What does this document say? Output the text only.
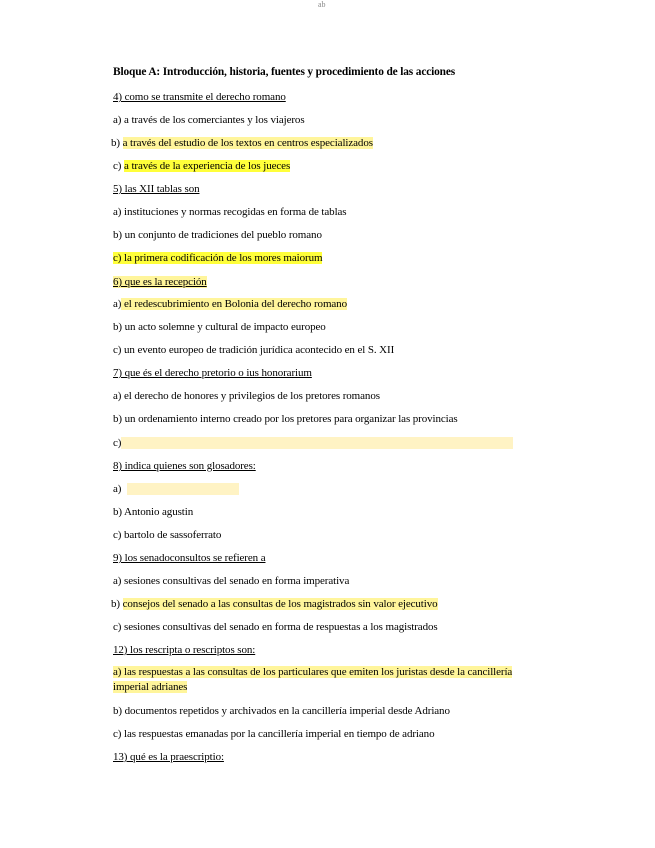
ab
Bloque A: Introducción, historia, fuentes y procedimiento de las acciones
4) como se transmite el derecho romano
a) a través de los comerciantes y los viajeros
b) a través del estudio de los textos en centros especializados
c) a través de la experiencia de los jueces
5) las XII tablas son
a) instituciones y normas recogidas en forma de tablas
b) un conjunto de tradiciones del pueblo romano
c) la primera codificación de los mores maiorum
6) que es la recepción
a) el redescubrimiento en Bolonia del derecho romano
b) un acto solemne y cultural de impacto europeo
c) un evento europeo de tradición jurídica acontecido en el S. XII
7) que és el derecho pretorio o ius honorarium
a) el derecho de honores y privilegios de los pretores romanos
b) un ordenamiento interno creado por los pretores para organizar las provincias
c)
8) indica quienes son glosadores:
a)
b) Antonio agustin
c) bartolo de sassoferrato
9) los senadoconsultos se refieren a
a) sesiones consultivas del senado en forma imperativa
b) consejos del senado a las consultas de los magistrados sin valor ejecutivo
c) sesiones consultivas del senado en forma de respuestas a los magistrados
12) los rescripta o rescriptos son:
a) las respuestas a las consultas de los particulares que emiten los juristas desde la cancillería imperial adrianes
b) documentos repetidos y archivados en la cancillería imperial desde Adriano
c) las respuestas emanadas por la cancillería imperial en tiempo de adriano
13) qué es la praescriptio:
